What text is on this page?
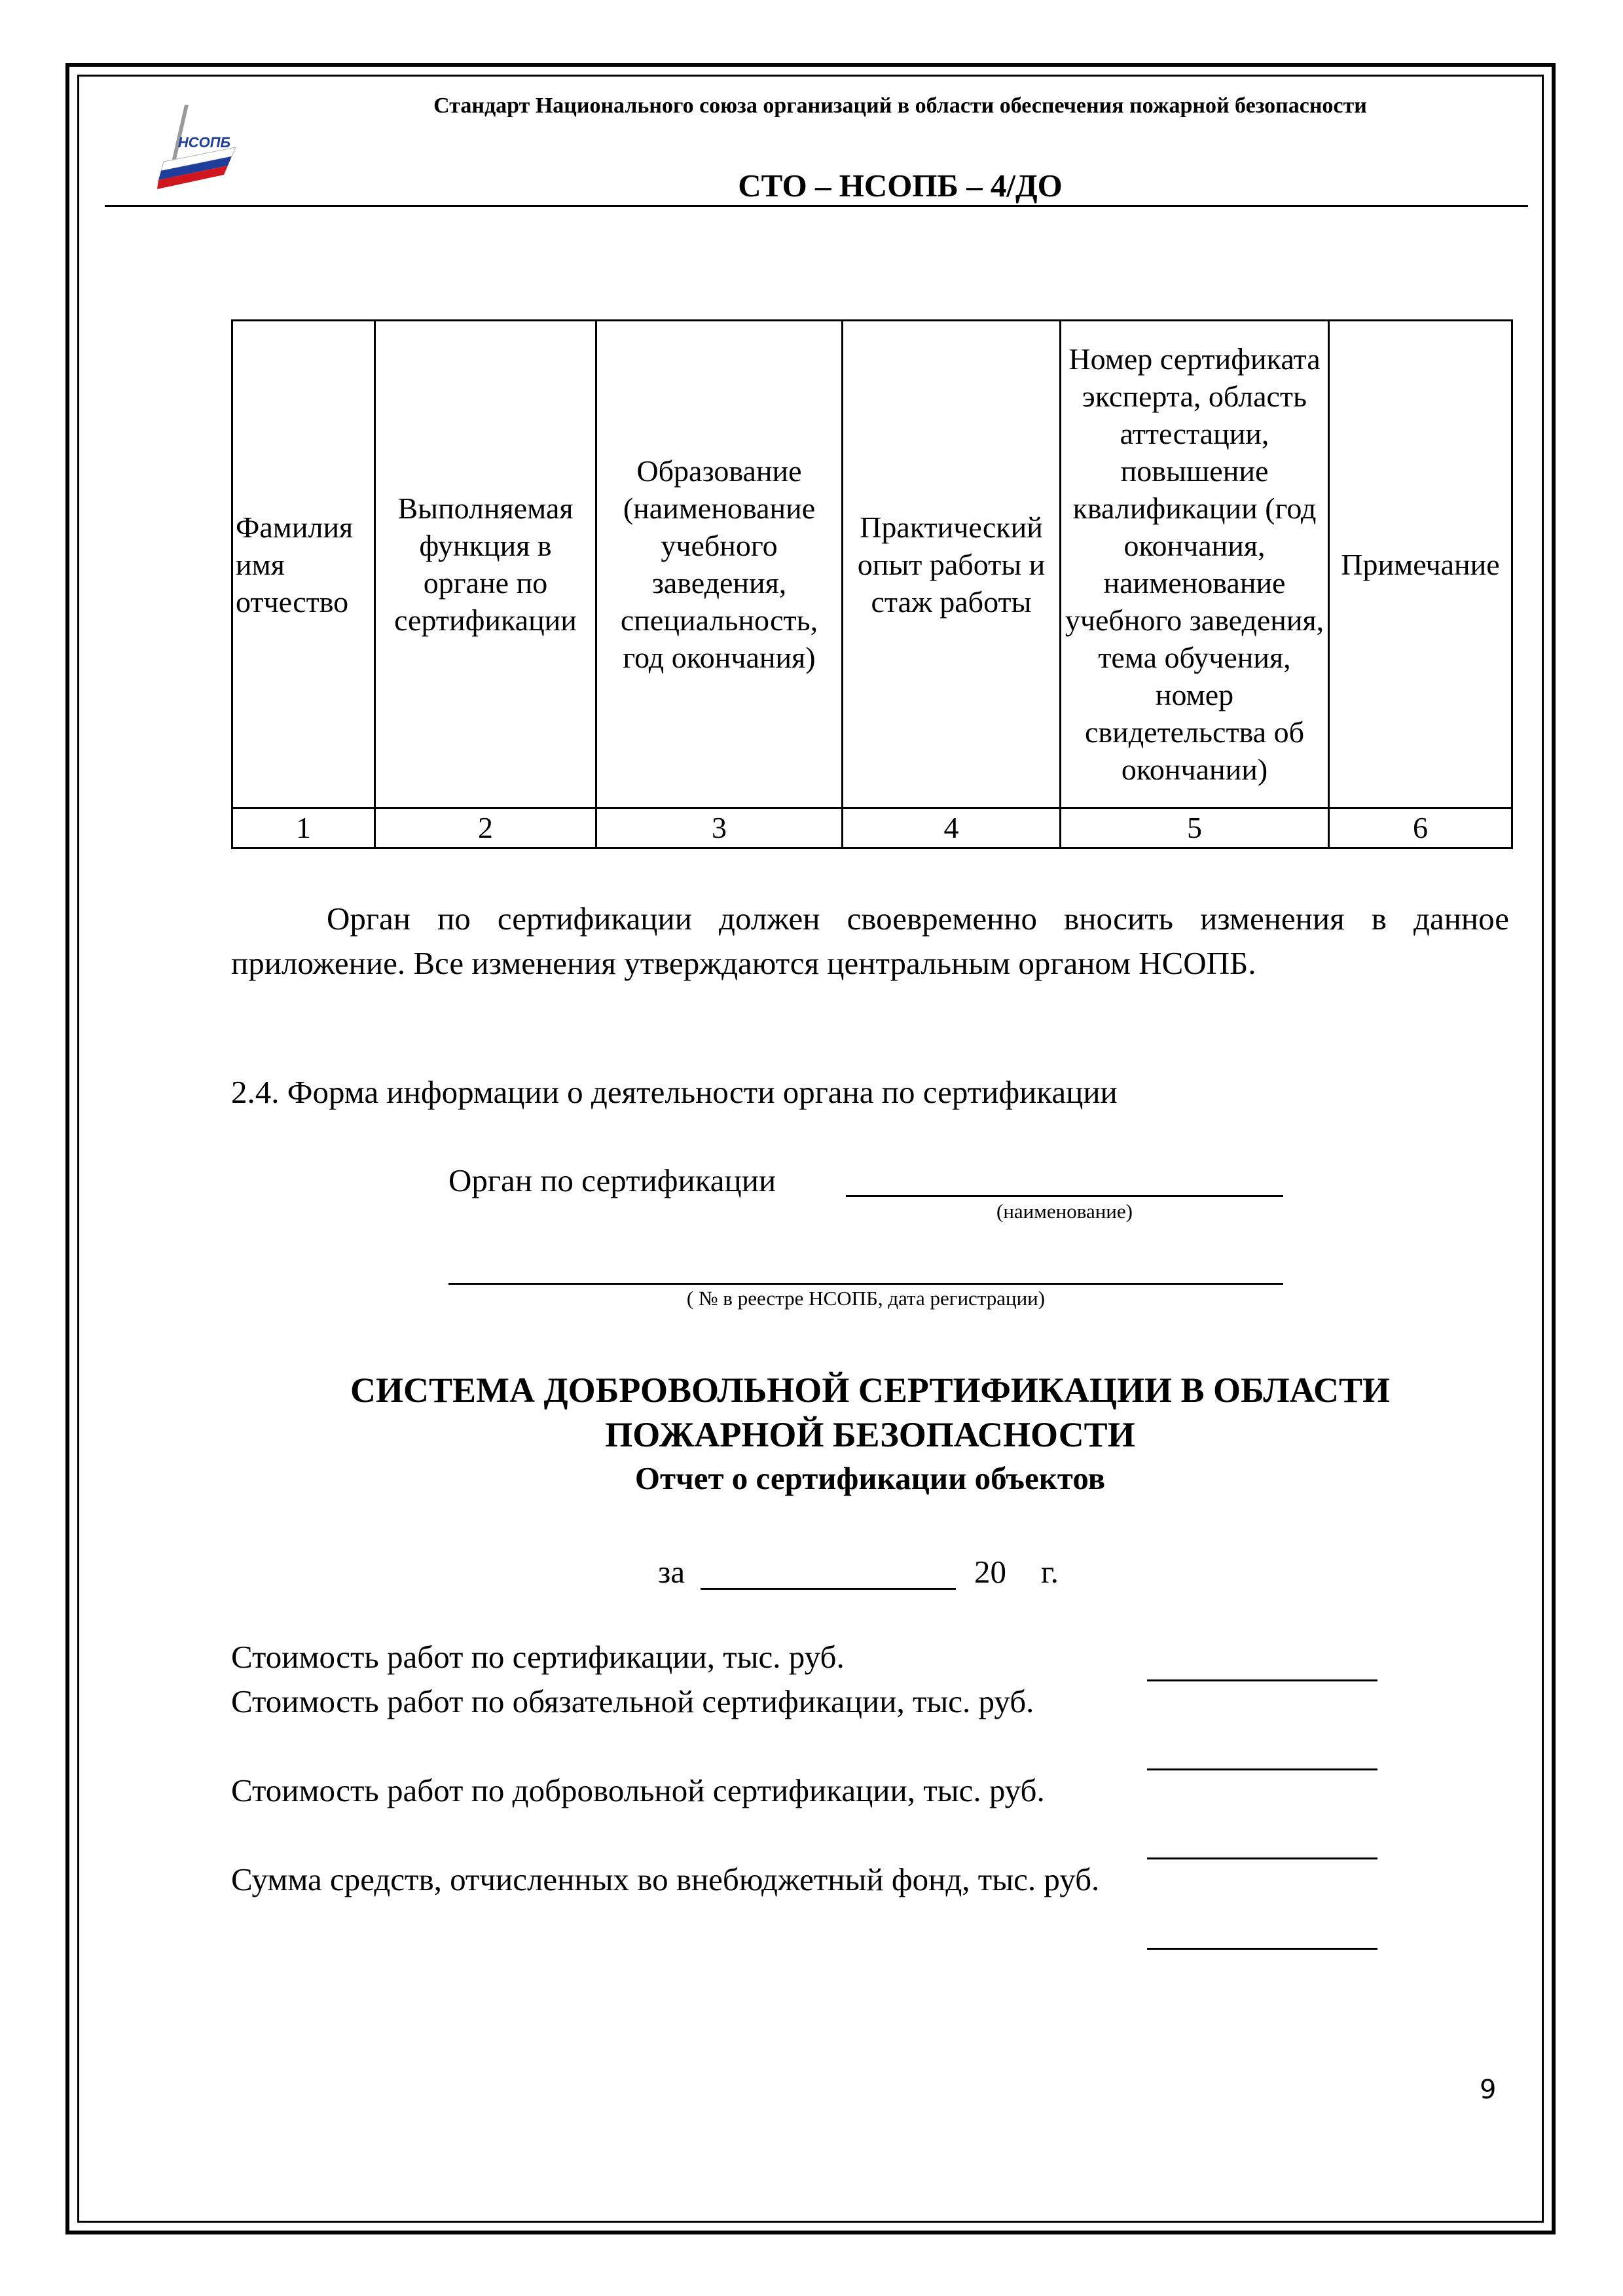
НСОПБ
Стандарт Национального союза организаций в области обеспечения пожарной безопасности
СТО – НСОПБ – 4/ДО
Фамилия имя отчество	Выполняемая функция в органе по сертификации	Образование (наименование учебного заведения, специальность, год окончания)	Практический опыт работы и стаж работы	Номер сертификата эксперта, область аттестации, повышение квалификации (год окончания, наименование учебного заведения, тема обучения, номер свидетельства об окончании)	Примечание
1	2	3	4	5	6
Орган по сертификации должен своевременно вносить изменения в данное приложение. Все изменения утверждаются центральным органом НСОПБ.
2.4. Форма информации о деятельности органа по сертификации
Орган по сертификации
(наименование)
( № в реестре НСОПБ, дата регистрации)
СИСТЕМА ДОБРОВОЛЬНОЙ СЕРТИФИКАЦИИ В ОБЛАСТИ
ПОЖАРНОЙ БЕЗОПАСНОСТИ
Отчет о сертификации объектов
за	20 г.
Стоимость работ по сертификации, тыс. руб.
Стоимость работ по обязательной сертификации, тыс. руб.
Стоимость работ по добровольной сертификации, тыс. руб.
Сумма средств, отчисленных во внебюджетный фонд, тыс. руб.
9
